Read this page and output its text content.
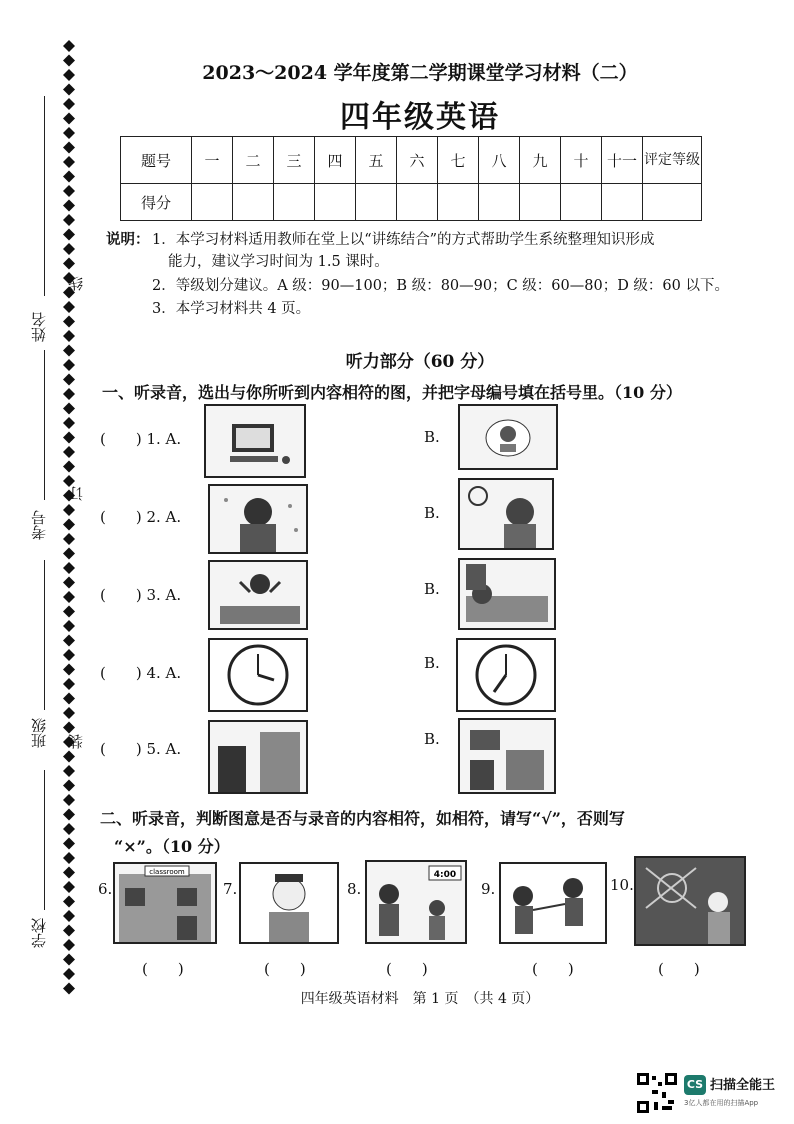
姓名
考号
班级
学校
线
订
装
2023～2024 学年度第二学期课堂学习材料（二）
四年级英语
题号	一	二	三	四	五	六	七	八	九	十	十一	评定等级
得分												
说明： 1．本学习材料适用教师在堂上以“讲练结合”的方式帮助学生系统整理知识形成
能力，建议学习时间为 1.5 课时。
2．等级划分建议。A 级：90—100；B 级：80—90；C 级：60—80；D 级：60 以下。
3．本学习材料共 4 页。
听力部分（60 分）
一、听录音，选出与你所听到内容相符的图，并把字母编号填在括号里。（10 分）
(　　) 1. A.	B.
(　　) 2. A.	B.
(　　) 3. A.	B.
(　　) 4. A.
B.
(　　) 5. A.
B.
二、听录音，判断图意是否与录音的内容相符，如相符，请写“√”，否则写
“×”。（10 分）
6.
classroom
7.	8.
4:00
9.	10.
(　　)	(　　)	(　　)	(　　)	(　　)
四年级英语材料　第 1 页　（共 4 页）
CS 扫描全能王
3亿人都在用的扫描App
